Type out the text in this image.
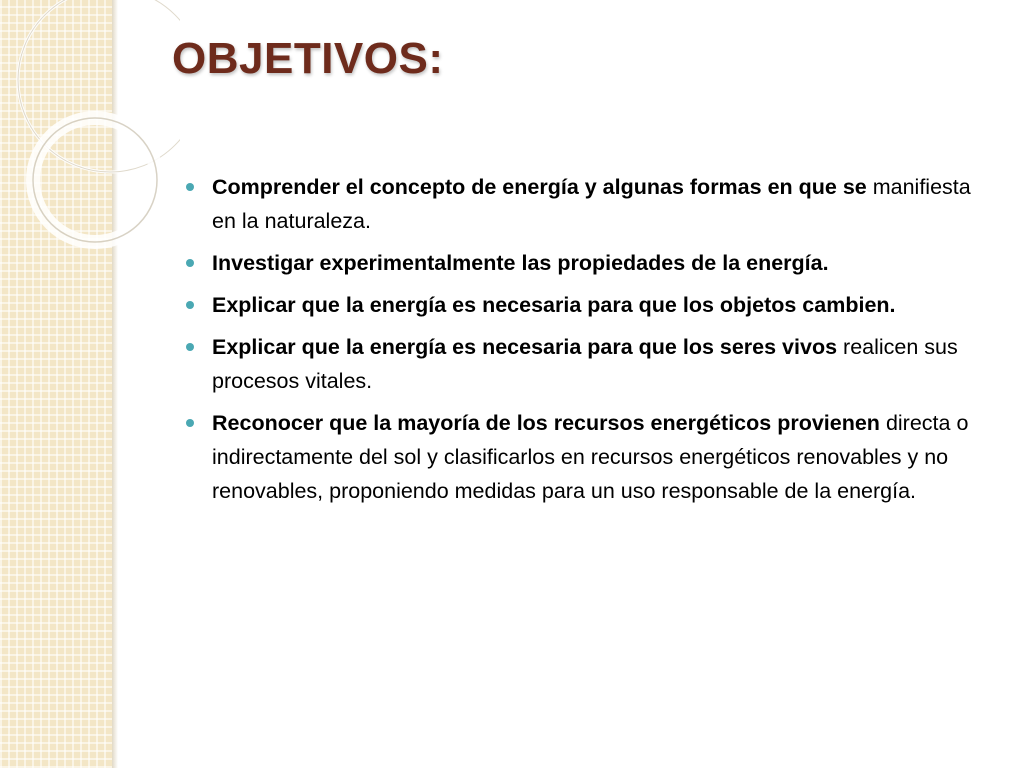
OBJETIVOS:
Comprender el concepto de energía y algunas formas en que se manifiesta en la naturaleza.
Investigar experimentalmente las propiedades de la energía.
Explicar que la energía es necesaria para que los objetos cambien.
Explicar que la energía es necesaria para que los seres vivos realicen sus procesos vitales.
Reconocer que la mayoría de los recursos energéticos provienen directa o indirectamente del sol y clasificarlos en recursos energéticos renovables y no renovables, proponiendo medidas para un uso responsable de la energía.
